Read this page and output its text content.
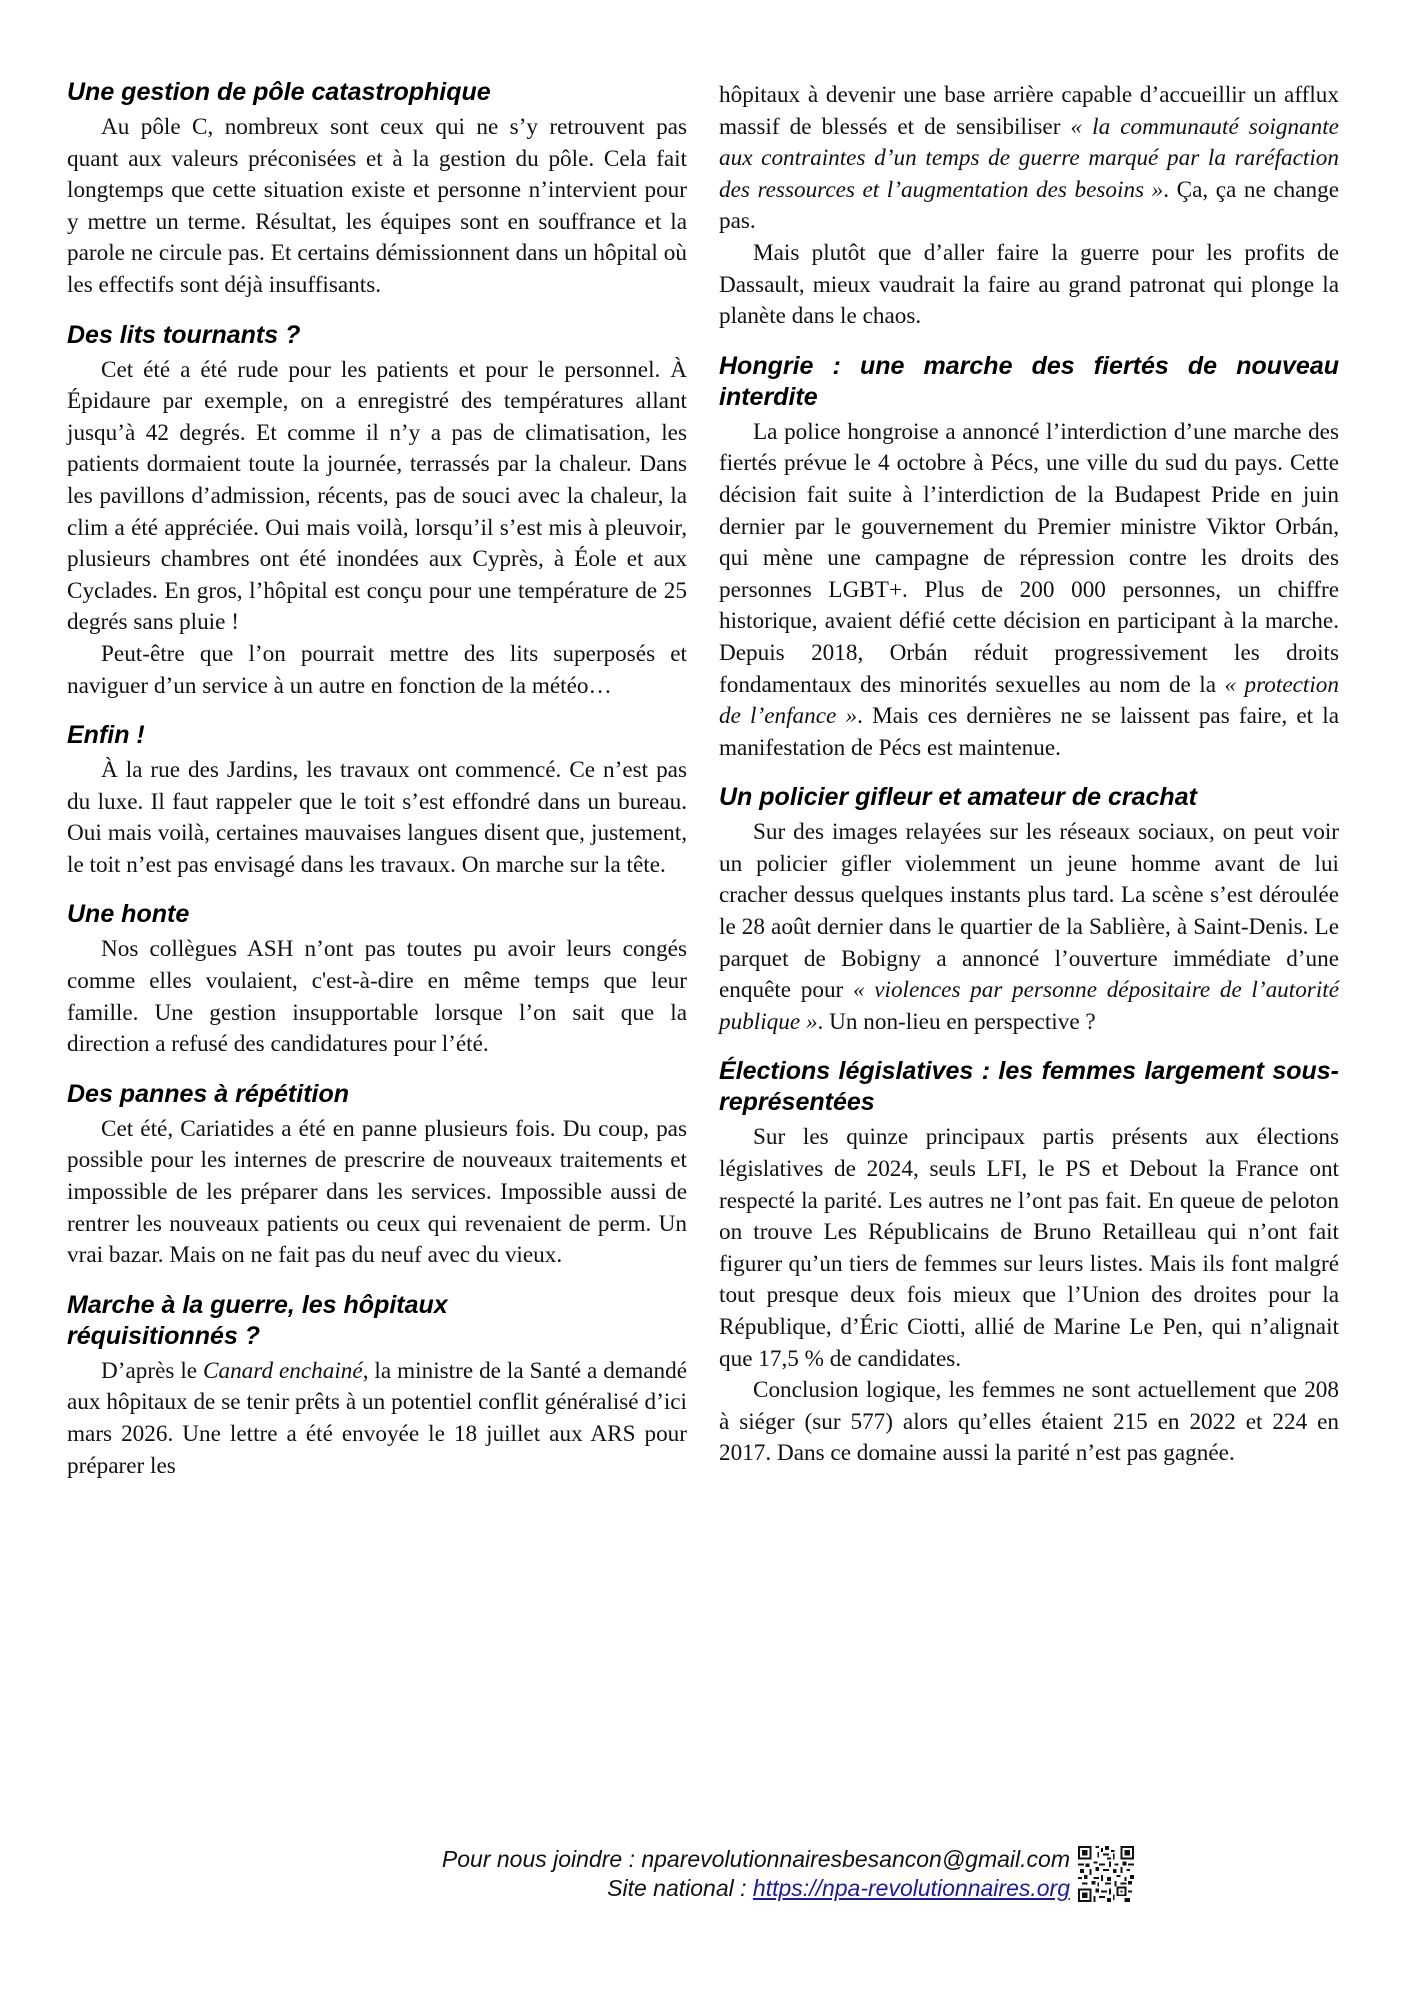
Une gestion de pôle catastrophique

Au pôle C, nombreux sont ceux qui ne s’y retrouvent pas quant aux valeurs préconisées et à la gestion du pôle. Cela fait longtemps que cette situation existe et personne n’intervient pour y mettre un terme. Résultat, les équipes sont en souffrance et la parole ne circule pas. Et certains démissionnent dans un hôpital où les effectifs sont déjà insuffisants.

Des lits tournants ?

Cet été a été rude pour les patients et pour le personnel. À Épidaure par exemple, on a enregistré des températures allant jusqu’à 42 degrés. Et comme il n’y a pas de climatisation, les patients dormaient toute la journée, terrassés par la chaleur. Dans les pavillons d’admission, récents, pas de souci avec la chaleur, la clim a été appréciée. Oui mais voilà, lorsqu’il s’est mis à pleuvoir, plusieurs chambres ont été inondées aux Cyprès, à Éole et aux Cyclades. En gros, l’hôpital est conçu pour une température de 25 degrés sans pluie !

Peut-être que l’on pourrait mettre des lits superposés et naviguer d’un service à un autre en fonction de la météo…

Enfin !

À la rue des Jardins, les travaux ont commencé. Ce n’est pas du luxe. Il faut rappeler que le toit s’est effondré dans un bureau. Oui mais voilà, certaines mauvaises langues disent que, justement, le toit n’est pas envisagé dans les travaux. On marche sur la tête.

Une honte

Nos collègues ASH n’ont pas toutes pu avoir leurs congés comme elles voulaient, c'est-à-dire en même temps que leur famille. Une gestion insupportable lorsque l’on sait que la direction a refusé des candidatures pour l’été.

Des pannes à répétition

Cet été, Cariatides a été en panne plusieurs fois. Du coup, pas possible pour les internes de prescrire de nouveaux traitements et impossible de les préparer dans les services. Impossible aussi de rentrer les nouveaux patients ou ceux qui revenaient de perm. Un vrai bazar. Mais on ne fait pas du neuf avec du vieux.

Marche à la guerre, les hôpitaux
réquisitionnés ?

D’après le Canard enchainé, la ministre de la Santé a demandé aux hôpitaux de se tenir prêts à un potentiel conflit généralisé d’ici mars 2026. Une lettre a été envoyée le 18 juillet aux ARS pour préparer les

hôpitaux à devenir une base arrière capable d’accueillir un afflux massif de blessés et de sensibiliser « la communauté soignante aux contraintes d’un temps de guerre marqué par la raréfaction des ressources et l’augmentation des besoins ». Ça, ça ne change pas.

Mais plutôt que d’aller faire la guerre pour les profits de Dassault, mieux vaudrait la faire au grand patronat qui plonge la planète dans le chaos.

Hongrie : une marche des fiertés de nouveau interdite

La police hongroise a annoncé l’interdiction d’une marche des fiertés prévue le 4 octobre à Pécs, une ville du sud du pays. Cette décision fait suite à l’interdiction de la Budapest Pride en juin dernier par le gouvernement du Premier ministre Viktor Orbán, qui mène une campagne de répression contre les droits des personnes LGBT+. Plus de 200 000 personnes, un chiffre historique, avaient défié cette décision en participant à la marche. Depuis 2018, Orbán réduit progressivement les droits fondamentaux des minorités sexuelles au nom de la « protection de l’enfance ». Mais ces dernières ne se laissent pas faire, et la manifestation de Pécs est maintenue.

Un policier gifleur et amateur de crachat

Sur des images relayées sur les réseaux sociaux, on peut voir un policier gifler violemment un jeune homme avant de lui cracher dessus quelques instants plus tard. La scène s’est déroulée le 28 août dernier dans le quartier de la Sablière, à Saint-Denis. Le parquet de Bobigny a annoncé l’ouverture immédiate d’une enquête pour « violences par personne dépositaire de l’autorité publique ». Un non-lieu en perspective ?

Élections législatives : les femmes largement sous-représentées

Sur les quinze principaux partis présents aux élections législatives de 2024, seuls LFI, le PS et Debout la France ont respecté la parité. Les autres ne l’ont pas fait. En queue de peloton on trouve Les Républicains de Bruno Retailleau qui n’ont fait figurer qu’un tiers de femmes sur leurs listes. Mais ils font malgré tout presque deux fois mieux que l’Union des droites pour la République, d’Éric Ciotti, allié de Marine Le Pen, qui n’alignait que 17,5 % de candidates.

Conclusion logique, les femmes ne sont actuellement que 208 à siéger (sur 577) alors qu’elles étaient 215 en 2022 et 224 en 2017. Dans ce domaine aussi la parité n’est pas gagnée.

Pour nous joindre : nparevolutionnairesbesancon@gmail.com
Site national : https://npa-revolutionnaires.org
